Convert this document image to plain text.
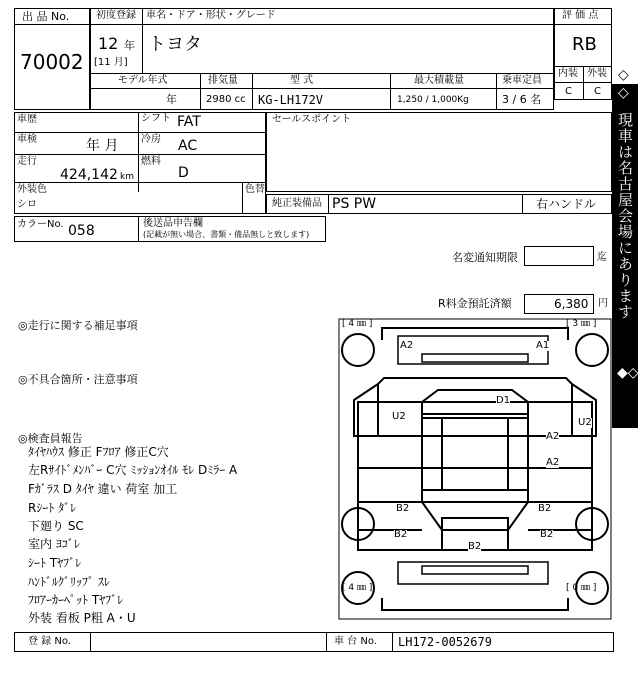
出 品 No.
70002
初度登録 車名・ドア・形状・グレード
12 年
[11 月]
トヨタ
モデル年式	排気量	型 式	最大積載量	乗車定員
年	2980 cc KG-LH172V	1,250 / 1,000Kg	3 / 6 名
評 価 点
RB
内装 外装
C C
◇
現車は名古屋会場にあります
◇
◆◇
車歴	シフト FAT
車検	年 月 冷房 AC
走行
424,142 km
燃料
D
外装色
シロ
色替
セールスポイント
純正装備品 PS PW	右ハンドル
カラーNo. 058	後送品申告欄
(記載が無い場合、書類・備品無しと致します)
名変通知期限	迄
R料金預託済額	6,380 円
◎走行に関する補足事項
◎不具合箇所・注意事項
◎検査員報告
ﾀｲﾔﾊｳｽ 修正 Fﾌﾛｱ 修正C穴
左Rｻｲﾄﾞﾒﾝﾊﾞｰ C穴 ﾐｯｼｮﾝｵｲﾙ ﾓﾚ Dﾐﾗｰ A
Fｶﾞﾗｽ D ﾀｲﾔ 違い 荷室 加工
Rｼｰﾄ ﾀﾞﾚ
下廻り SC
室内 ﾖｺﾞﾚ
ｼｰﾄ Tﾔﾌﾞﾚ
ﾊﾝﾄﾞﾙｸﾞﾘｯﾌﾟ ｽﾚ
ﾌﾛｱｰｶｰﾍﾟｯﾄ Tﾔﾌﾞﾚ
外装 看板 P粗 A・U
[ 4 ㎜ ]	[ 3 ㎜ ]
[ 4 ㎜ ]	[ 0 ㎜ ]
A2	A1
D1
U2
U2
A2
A2
B2	B2
B2	B2
B2
登 録 No.	車 台 No. LH172-0052679
